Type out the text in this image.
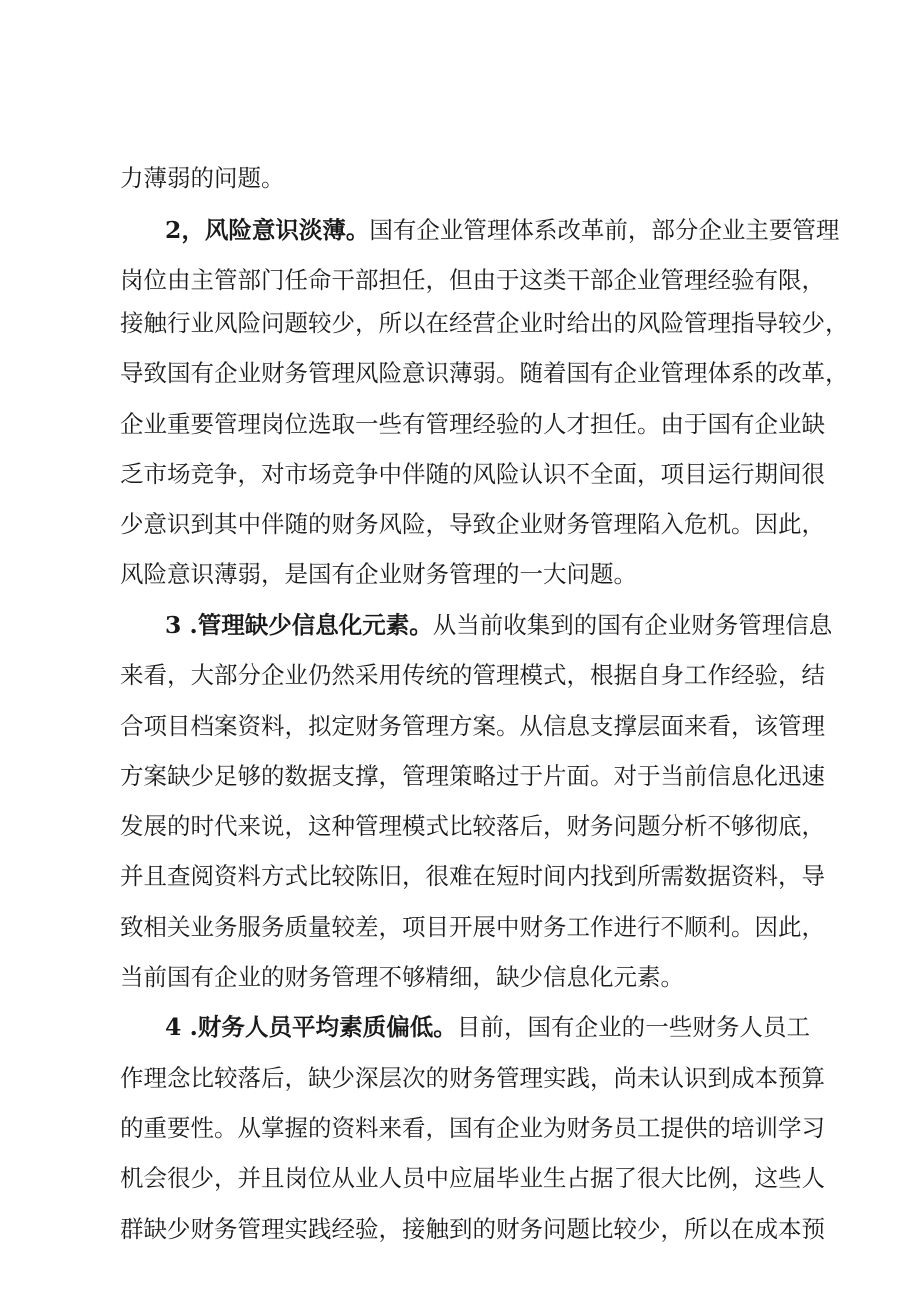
力薄弱的问题。
2，风险意识淡薄。国有企业管理体系改革前，部分企业主要管理
岗位由主管部门任命干部担任，但由于这类干部企业管理经验有限，
接触行业风险问题较少，所以在经营企业时给出的风险管理指导较少，
导致国有企业财务管理风险意识薄弱。随着国有企业管理体系的改革，
企业重要管理岗位选取一些有管理经验的人才担任。由于国有企业缺
乏市场竞争，对市场竞争中伴随的风险认识不全面，项目运行期间很
少意识到其中伴随的财务风险，导致企业财务管理陷入危机。因此，
风险意识薄弱，是国有企业财务管理的一大问题。
3 .管理缺少信息化元素。从当前收集到的国有企业财务管理信息
来看，大部分企业仍然采用传统的管理模式，根据自身工作经验，结
合项目档案资料，拟定财务管理方案。从信息支撑层面来看，该管理
方案缺少足够的数据支撑，管理策略过于片面。对于当前信息化迅速
发展的时代来说，这种管理模式比较落后，财务问题分析不够彻底，
并且查阅资料方式比较陈旧，很难在短时间内找到所需数据资料，导
致相关业务服务质量较差，项目开展中财务工作进行不顺利。因此，
当前国有企业的财务管理不够精细，缺少信息化元素。
4 .财务人员平均素质偏低。目前，国有企业的一些财务人员工
作理念比较落后，缺少深层次的财务管理实践，尚未认识到成本预算
的重要性。从掌握的资料来看，国有企业为财务员工提供的培训学习
机会很少，并且岗位从业人员中应届毕业生占据了很大比例，这些人
群缺少财务管理实践经验，接触到的财务问题比较少，所以在成本预
